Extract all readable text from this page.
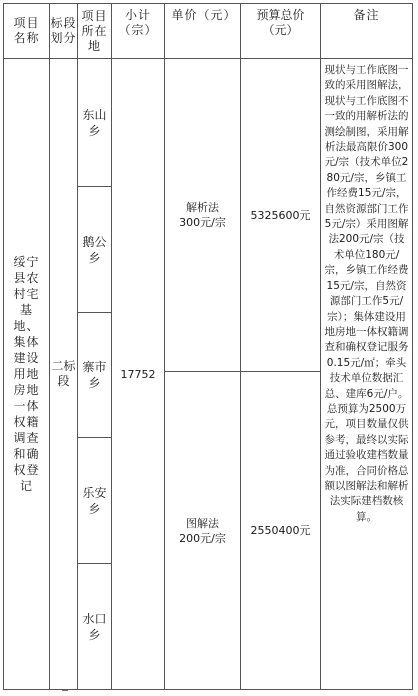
项目名称
标段划分
项目所在地
小计（宗）
单价（元）	预算总价（元）
备注
绥宁县农村宅基地、集体建设用地房地一体权籍调查和确权登记
二标段
东山乡
鹅公乡
寨市乡
乐安乡
水口乡
17752
解析法
300元/宗
图解法
200元/宗
5325600元
2550400元
现状与工作底图一致的采用图解法，现状与工作底图不一致的用解析法的测绘制图，采用解析法最高限价300元/宗（技术单位280元/宗，乡镇工作经费15元/宗，自然资源部门工作5元/宗）采用图解法200元/宗（技术单位180元/宗，乡镇工作经费15元/宗，自然资源部门工作5元/宗）；集体建设用地房地一体权籍调查和确权登记服务 0.15元/㎡；牵头技术单位数据汇总、建库6元/户。总预算为2500万元，项目数量仅供参考，最终以实际通过验收建档数量为准，合同价格总额以图解法和解析法实际建档数核算。
